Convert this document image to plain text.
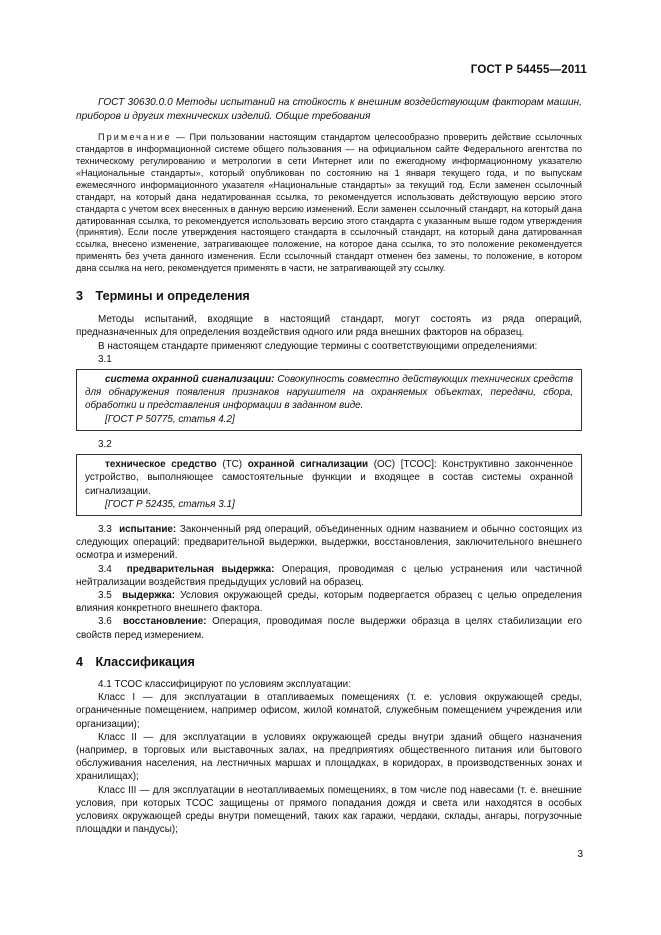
ГОСТ Р 54455—2011

ГОСТ 30630.0.0 Методы испытаний на стойкость к внешним воздействующим факторам машин, приборов и других технических изделий. Общие требования

Примечание — При пользовании настоящим стандартом целесообразно проверить действие ссылочных стандартов в информационной системе общего пользования — на официальном сайте Федерального агентства по техническому регулированию и метрологии в сети Интернет или по ежегодному информационному указателю «Национальные стандарты», который опубликован по состоянию на 1 января текущего года, и по выпускам ежемесячного информационного указателя «Национальные стандарты» за текущий год. Если заменен ссылочный стандарт, на который дана недатированная ссылка, то рекомендуется использовать действующую версию этого стандарта с учетом всех внесенных в данную версию изменений. Если заменен ссылочный стандарт, на который дана датированная ссылка, то рекомендуется использовать версию этого стандарта с указанным выше годом утверждения (принятия). Если после утверждения настоящего стандарта в ссылочный стандарт, на который дана датированная ссылка, внесено изменение, затрагивающее положение, на которое дана ссылка, то это положение рекомендуется применять без учета данного изменения. Если ссылочный стандарт отменен без замены, то положение, в котором дана ссылка на него, рекомендуется применять в части, не затрагивающей эту ссылку.

3 Термины и определения

Методы испытаний, входящие в настоящий стандарт, могут состоять из ряда операций, предназначенных для определения воздействия одного или ряда внешних факторов на образец.

В настоящем стандарте применяют следующие термины с соответствующими определениями:

3.1

система охранной сигнализации: Совокупность совместно действующих технических средств для обнаружения появления признаков нарушителя на охраняемых объектах, передачи, сбора, обработки и представления информации в заданном виде.

[ГОСТ Р 50775, статья 4.2]

3.2

техническое средство (ТС) охранной сигнализации (ОС) [ТСОС]: Конструктивно законченное устройство, выполняющее самостоятельные функции и входящее в состав системы охранной сигнализации.

[ГОСТ Р 52435, статья 3.1]

3.3 испытание: Законченный ряд операций, объединенных одним названием и обычно состоящих из следующих операций: предварительной выдержки, выдержки, восстановления, заключительного внешнего осмотра и измерений.

3.4 предварительная выдержка: Операция, проводимая с целью устранения или частичной нейтрализации воздействия предыдущих условий на образец.

3.5 выдержка: Условия окружающей среды, которым подвергается образец с целью определения влияния конкретного внешнего фактора.

3.6 восстановление: Операция, проводимая после выдержки образца в целях стабилизации его свойств перед измерением.

4 Классификация

4.1 ТСОС классифицируют по условиям эксплуатации:

Класс I — для эксплуатации в отапливаемых помещениях (т. е. условия окружающей среды, ограниченные помещением, например офисом, жилой комнатой, служебным помещением учреждения или организации);

Класс II — для эксплуатации в условиях окружающей среды внутри зданий общего назначения (например, в торговых или выставочных залах, на предприятиях общественного питания или бытового обслуживания населения, на лестничных маршах и площадках, в коридорах, в производственных зонах и хранилищах);

Класс III — для эксплуатации в неотапливаемых помещениях, в том числе под навесами (т. е. внешние условия, при которых ТСОС защищены от прямого попадания дождя и света или находятся в особых условиях окружающей среды внутри помещений, таких как гаражи, чердаки, склады, ангары, погрузочные площадки и пандусы);

3
